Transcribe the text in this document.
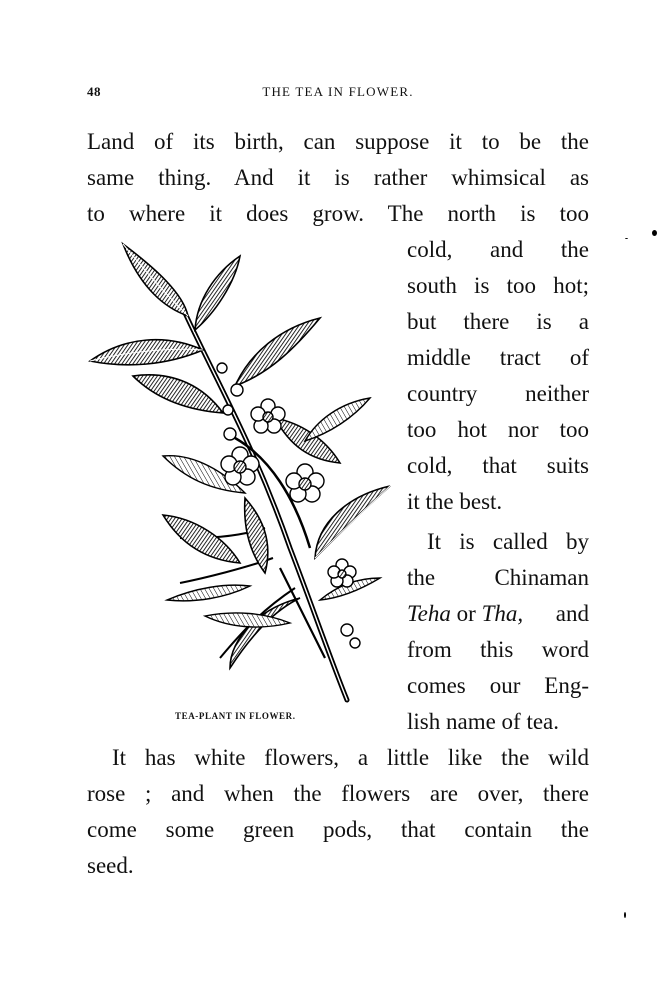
48	THE TEA IN FLOWER.
Land of its birth, can suppose it to be the
same thing. And it is rather whimsical as
to where it does grow. The north is too
cold, and the
south is too hot;
but there is a
middle tract of
country neither
too hot nor too
cold, that suits
it the best.
It is called by
the Chinaman
Teha or Tha, and
from this word
comes our Eng-
lish name of tea.
It has white flowers, a little like the wild
rose ; and when the flowers are over, there
come some green pods, that contain the
seed.
TEA-PLANT IN FLOWER.
